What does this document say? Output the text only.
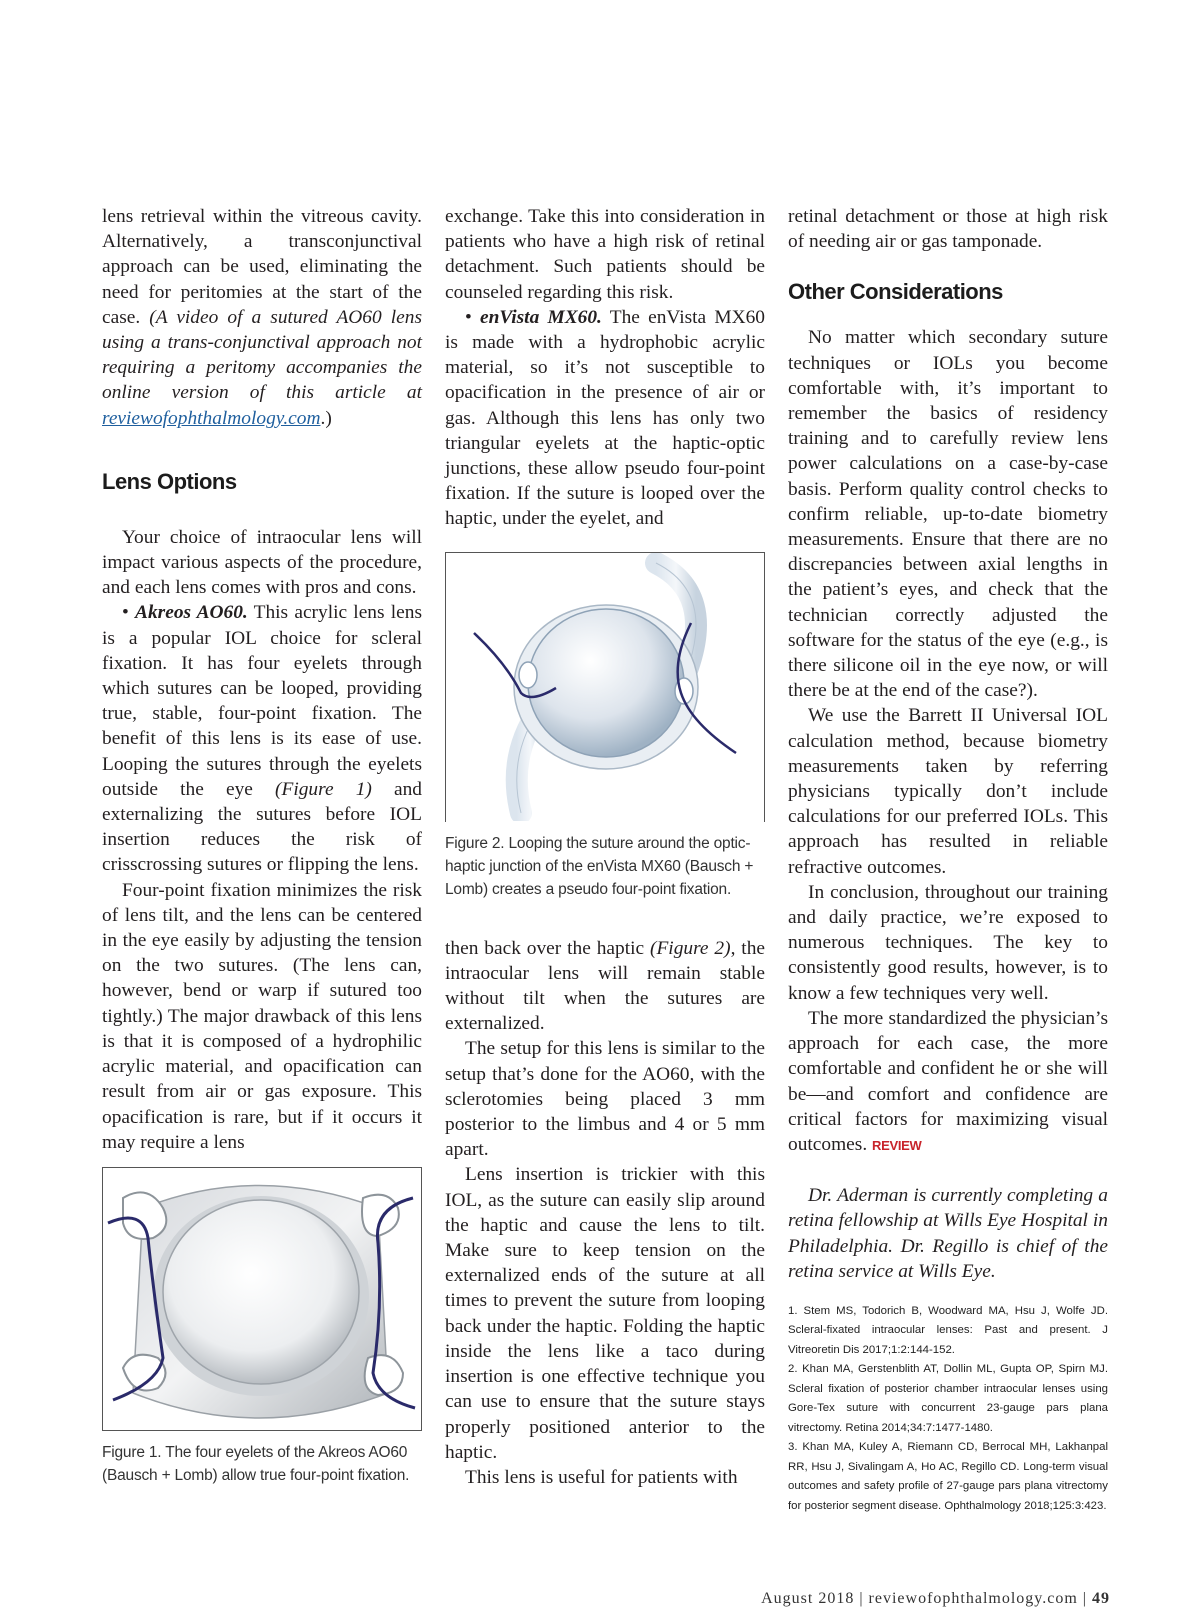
lens retrieval within the vitreous cavity. Alternatively, a transconjunctival approach can be used, eliminating the need for peritomies at the start of the case. (A video of a sutured AO60 lens using a trans-conjunctival approach not requiring a peritomy accompanies the online version of this article at reviewofophthalmology.com.)

Lens Options

Your choice of intraocular lens will impact various aspects of the procedure, and each lens comes with pros and cons.

• Akreos AO60. This acrylic lens lens is a popular IOL choice for scleral fixation. It has four eyelets through which sutures can be looped, providing true, stable, four-point fixation. The benefit of this lens is its ease of use. Looping the sutures through the eyelets outside the eye (Figure 1) and externalizing the sutures before IOL insertion reduces the risk of crisscrossing sutures or flipping the lens.

Four-point fixation minimizes the risk of lens tilt, and the lens can be centered in the eye easily by adjusting the tension on the two sutures. (The lens can, however, bend or warp if sutured too tightly.) The major drawback of this lens is that it is composed of a hydrophilic acrylic material, and opacification can result from air or gas exposure. This opacification is rare, but if it occurs it may require a lens

Figure 1. The four eyelets of the Akreos AO60 (Bausch + Lomb) allow true four-point fixation.

exchange. Take this into consideration in patients who have a high risk of retinal detachment. Such patients should be counseled regarding this risk.

• enVista MX60. The enVista MX60 is made with a hydrophobic acrylic material, so it’s not susceptible to opacification in the presence of air or gas. Although this lens has only two triangular eyelets at the haptic-optic junctions, these allow pseudo four-point fixation. If the suture is looped over the haptic, under the eyelet, and

Figure 2. Looping the suture around the optic-haptic junction of the enVista MX60 (Bausch + Lomb) creates a pseudo four-point fixation.

then back over the haptic (Figure 2), the intraocular lens will remain stable without tilt when the sutures are externalized.

The setup for this lens is similar to the setup that’s done for the AO60, with the sclerotomies being placed 3 mm posterior to the limbus and 4 or 5 mm apart.

Lens insertion is trickier with this IOL, as the suture can easily slip around the haptic and cause the lens to tilt. Make sure to keep tension on the externalized ends of the suture at all times to prevent the suture from looping back under the haptic. Folding the haptic inside the lens like a taco during insertion is one effective technique you can use to ensure that the suture stays properly positioned anterior to the haptic.

This lens is useful for patients with

retinal detachment or those at high risk of needing air or gas tamponade.

Other Considerations

No matter which secondary suture techniques or IOLs you become comfortable with, it’s important to remember the basics of residency training and to carefully review lens power calculations on a case-by-case basis. Perform quality control checks to confirm reliable, up-to-date biometry measurements. Ensure that there are no discrepancies between axial lengths in the patient’s eyes, and check that the technician correctly adjusted the software for the status of the eye (e.g., is there silicone oil in the eye now, or will there be at the end of the case?).

We use the Barrett II Universal IOL calculation method, because biometry measurements taken by referring physicians typically don’t include calculations for our preferred IOLs. This approach has resulted in reliable refractive outcomes.

In conclusion, throughout our training and daily practice, we’re exposed to numerous techniques. The key to consistently good results, however, is to know a few techniques very well.

The more standardized the physician’s approach for each case, the more comfortable and confident he or she will be—and comfort and confidence are critical factors for maximizing visual outcomes. REVIEW

Dr. Aderman is currently completing a retina fellowship at Wills Eye Hospital in Philadelphia. Dr. Regillo is chief of the retina service at Wills Eye.

1. Stem MS, Todorich B, Woodward MA, Hsu J, Wolfe JD. Scleral-fixated intraocular lenses: Past and present. J Vitreoretin Dis 2017;1:2:144-152.

2. Khan MA, Gerstenblith AT, Dollin ML, Gupta OP, Spirn MJ. Scleral fixation of posterior chamber intraocular lenses using Gore-Tex suture with concurrent 23-gauge pars plana vitrectomy. Retina 2014;34:7:1477-1480.

3. Khan MA, Kuley A, Riemann CD, Berrocal MH, Lakhanpal RR, Hsu J, Sivalingam A, Ho AC, Regillo CD. Long-term visual outcomes and safety profile of 27-gauge pars plana vitrectomy for posterior segment disease. Ophthalmology 2018;125:3:423.

August 2018 | reviewofophthalmology.com | 49
